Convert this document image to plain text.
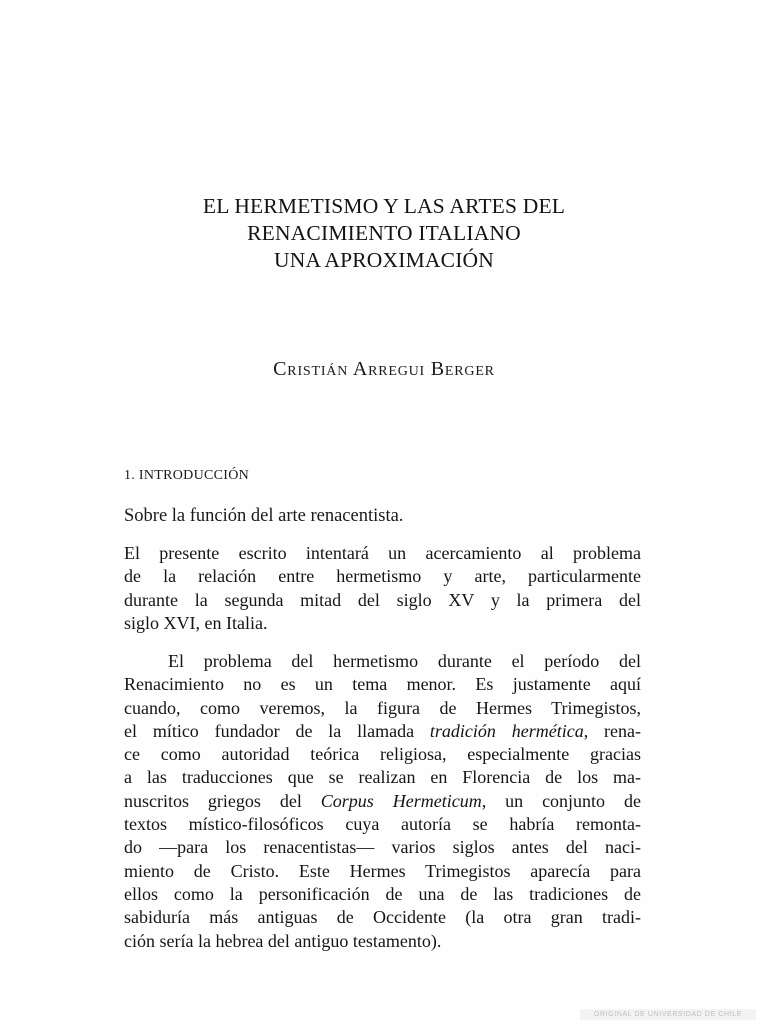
EL HERMETISMO Y LAS ARTES DEL
RENACIMIENTO ITALIANO
UNA APROXIMACIÓN
Cristián Arregui Berger
1. INTRODUCCIÓN
Sobre la función del arte renacentista.
El presente escrito intentará un acercamiento al problema
de la relación entre hermetismo y arte, particularmente
durante la segunda mitad del siglo XV y la primera del
siglo XVI, en Italia.
El problema del hermetismo durante el período del
Renacimiento no es un tema menor. Es justamente aquí
cuando, como veremos, la figura de Hermes Trimegistos,
el mítico fundador de la llamada tradición hermética, rena-
ce como autoridad teórica religiosa, especialmente gracias
a las traducciones que se realizan en Florencia de los ma-
nuscritos griegos del Corpus Hermeticum, un conjunto de
textos místico-filosóficos cuya autoría se habría remonta-
do —para los renacentistas— varios siglos antes del naci-
miento de Cristo. Este Hermes Trimegistos aparecía para
ellos como la personificación de una de las tradiciones de
sabiduría más antiguas de Occidente (la otra gran tradi-
ción sería la hebrea del antiguo testamento).
ORIGINAL DE UNIVERSIDAD DE CHILE
